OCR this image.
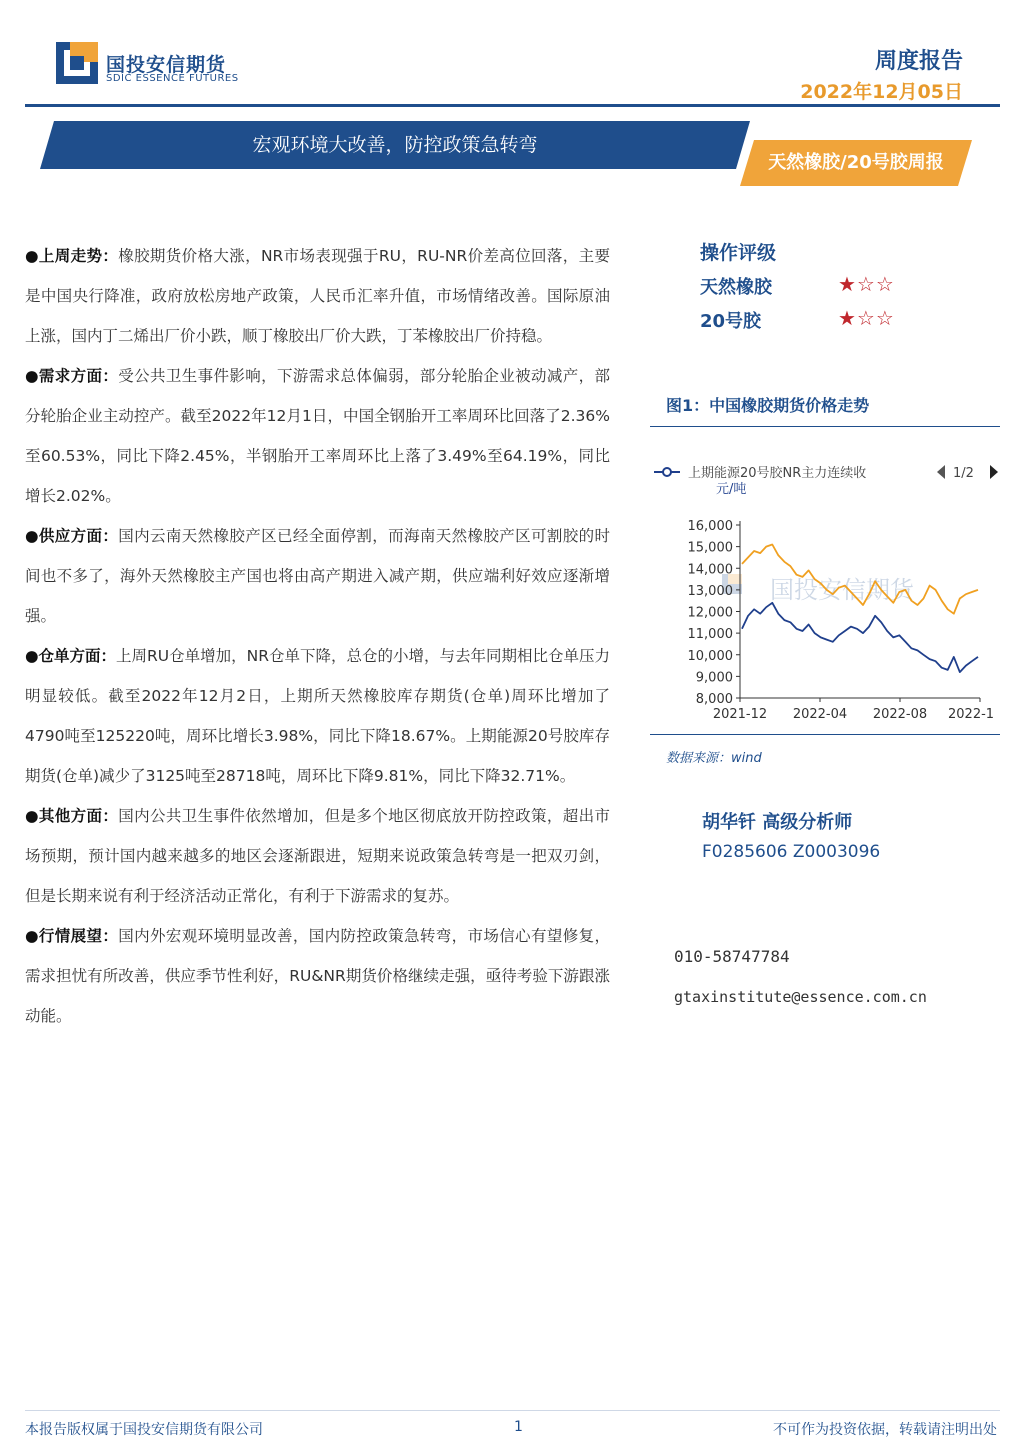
国投安信期货
SDIC ESSENCE FUTURES
周度报告
2022年12月05日
宏观环境大改善，防控政策急转弯
天然橡胶/20号胶周报

●上周走势：橡胶期货价格大涨，NR市场表现强于RU，RU-NR价差高位回落，主要是中国央行降准，政府放松房地产政策，人民币汇率升值，市场情绪改善。国际原油上涨，国内丁二烯出厂价小跌，顺丁橡胶出厂价大跌，丁苯橡胶出厂价持稳。

●需求方面：受公共卫生事件影响，下游需求总体偏弱，部分轮胎企业被动减产，部分轮胎企业主动控产。截至2022年12月1日，中国全钢胎开工率周环比回落了2.36%至60.53%，同比下降2.45%，半钢胎开工率周环比上落了3.49%至64.19%，同比增长2.02%。

●供应方面：国内云南天然橡胶产区已经全面停割，而海南天然橡胶产区可割胶的时间也不多了，海外天然橡胶主产国也将由高产期进入减产期，供应端利好效应逐渐增强。

●仓单方面：上周RU仓单增加，NR仓单下降，总仓的小增，与去年同期相比仓单压力明显较低。截至2022年12月2日，上期所天然橡胶库存期货(仓单)周环比增加了4790吨至125220吨，周环比增长3.98%，同比下降18.67%。上期能源20号胶库存期货(仓单)减少了3125吨至28718吨，周环比下降9.81%，同比下降32.71%。

●其他方面：国内公共卫生事件依然增加，但是多个地区彻底放开防控政策，超出市场预期，预计国内越来越多的地区会逐渐跟进，短期来说政策急转弯是一把双刃剑，但是长期来说有利于经济活动正常化，有利于下游需求的复苏。

●行情展望：国内外宏观环境明显改善，国内防控政策急转弯，市场信心有望修复，需求担忧有所改善，供应季节性利好，RU&NR期货价格继续走强，亟待考验下游跟涨动能。

操作评级
天然橡胶	★☆☆
20号胶	★☆☆
图1：中国橡胶期货价格走势
上期能源20号胶NR主力连续收	1/2
元/吨
国投安信期货
16,000
15,000
14,000
13,000
12,000
11,000
10,000
9,000
8,000
2021-12 2022-04 2022-08 2022-1
数据来源：wind
胡华钎 高级分析师
F0285606 Z0003096
010-58747784
gtaxinstitute@essence.com.cn
本报告版权属于国投安信期货有限公司	1	不可作为投资依据，转载请注明出处
